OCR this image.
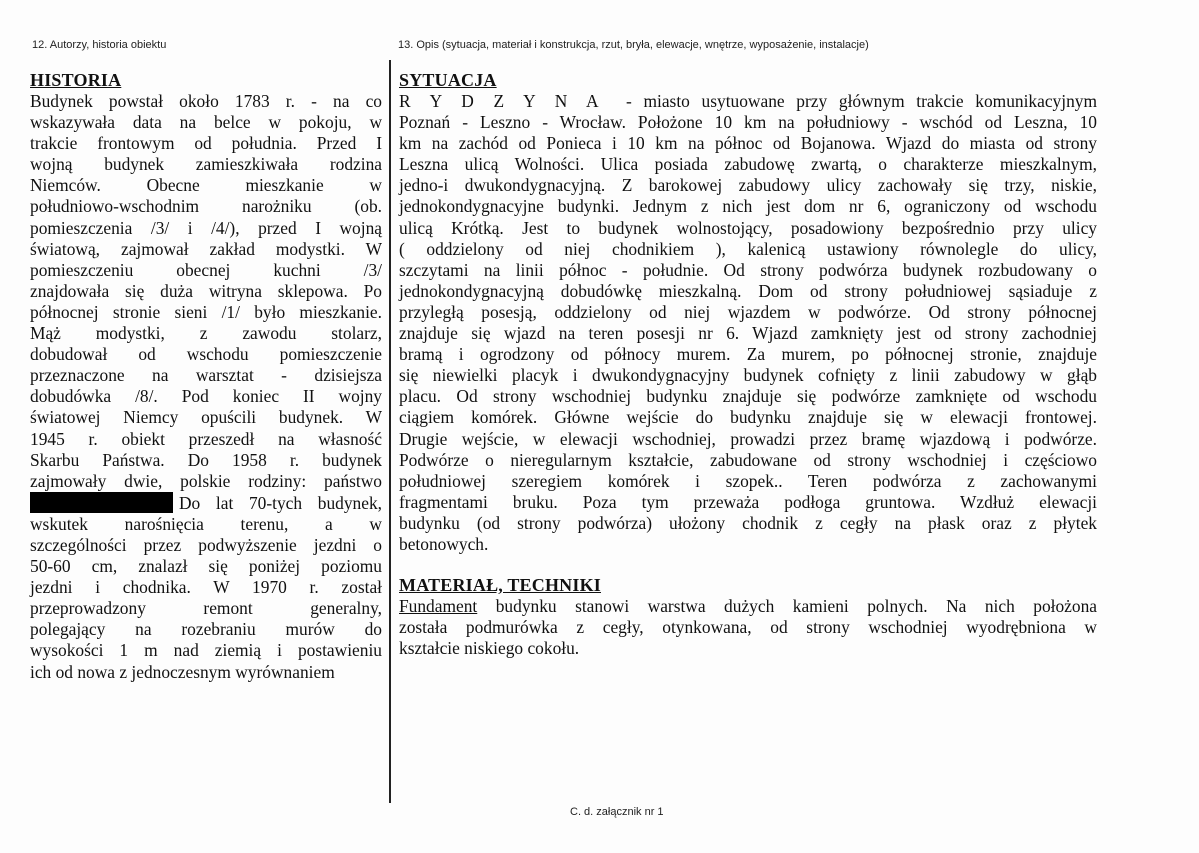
12. Autorzy, historia obiektu	13. Opis (sytuacja, materiał i konstrukcja, rzut, bryła, elewacje, wnętrze, wyposażenie, instalacje)
HISTORIA
Budynek powstał około 1783 r. - na co
wskazywała data na belce w pokoju, w
trakcie frontowym od południa. Przed I
wojną budynek zamieszkiwała rodzina
Niemców. Obecne mieszkanie w
południowo-wschodnim narożniku (ob.
pomieszczenia /3/ i /4/), przed I wojną
światową, zajmował zakład modystki. W
pomieszczeniu obecnej kuchni /3/
znajdowała się duża witryna sklepowa. Po
północnej stronie sieni /1/ było mieszkanie.
Mąż modystki, z zawodu stolarz,
dobudował od wschodu pomieszczenie
przeznaczone na warsztat - dzisiejsza
dobudówka /8/. Pod koniec II wojny
światowej Niemcy opuścili budynek. W
1945 r. obiekt przeszedł na własność
Skarbu Państwa. Do 1958 r. budynek
zajmowały dwie, polskie rodziny: państwo
Do lat 70-tych budynek,
wskutek narośnięcia terenu, a w
szczególności przez podwyższenie jezdni o
50-60 cm, znalazł się poniżej poziomu
jezdni i chodnika. W 1970 r. został
przeprowadzony remont generalny,
polegający na rozebraniu murów do
wysokości 1 m nad ziemią i postawieniu
ich od nowa z jednoczesnym wyrównaniem
SYTUACJA
R Y D Z Y N A - miasto usytuowane przy głównym trakcie komunikacyjnym
Poznań - Leszno - Wrocław. Położone 10 km na południowy - wschód od Leszna, 10
km na zachód od Poniecа i 10 km na północ od Bojanowa. Wjazd do miasta od strony
Leszna ulicą Wolności. Ulica posiada zabudowę zwartą, o charakterze mieszkalnym,
jedno-i dwukondygnacyjną. Z barokowej zabudowy ulicy zachowały się trzy, niskie,
jednokondygnacyjne budynki. Jednym z nich jest dom nr 6, ograniczony od wschodu
ulicą Krótką. Jest to budynek wolnostojący, posadowiony bezpośrednio przy ulicy
( oddzielony od niej chodnikiem ), kalenicą ustawiony równolegle do ulicy,
szczytami na linii północ - południe. Od strony podwórza budynek rozbudowany o
jednokondygnacyjną dobudówkę mieszkalną. Dom od strony południowej sąsiaduje z
przyległą posesją, oddzielony od niej wjazdem w podwórze. Od strony północnej
znajduje się wjazd na teren posesji nr 6. Wjazd zamknięty jest od strony zachodniej
bramą i ogrodzony od północy murem. Za murem, po północnej stronie, znajduje
się niewielki placyk i dwukondygnacyjny budynek cofnięty z linii zabudowy w głąb
placu. Od strony wschodniej budynku znajduje się podwórze zamknięte od wschodu
ciągiem komórek. Główne wejście do budynku znajduje się w elewacji frontowej.
Drugie wejście, w elewacji wschodniej, prowadzi przez bramę wjazdową i podwórze.
Podwórze o nieregularnym kształcie, zabudowane od strony wschodniej i częściowo
południowej szeregiem komórek i szopek.. Teren podwórza z zachowanymi
fragmentami bruku. Poza tym przeważa podłoga gruntowa. Wzdłuż elewacji
budynku (od strony podwórza) ułożony chodnik z cegły na płask oraz z płytek
betonowych.
MATERIAŁ, TECHNIKI
Fundament budynku stanowi warstwa dużych kamieni polnych. Na nich położona
została podmurówka z cegły, otynkowana, od strony wschodniej wyodrębniona w
kształcie niskiego cokołu.
C. d. załącznik nr 1
